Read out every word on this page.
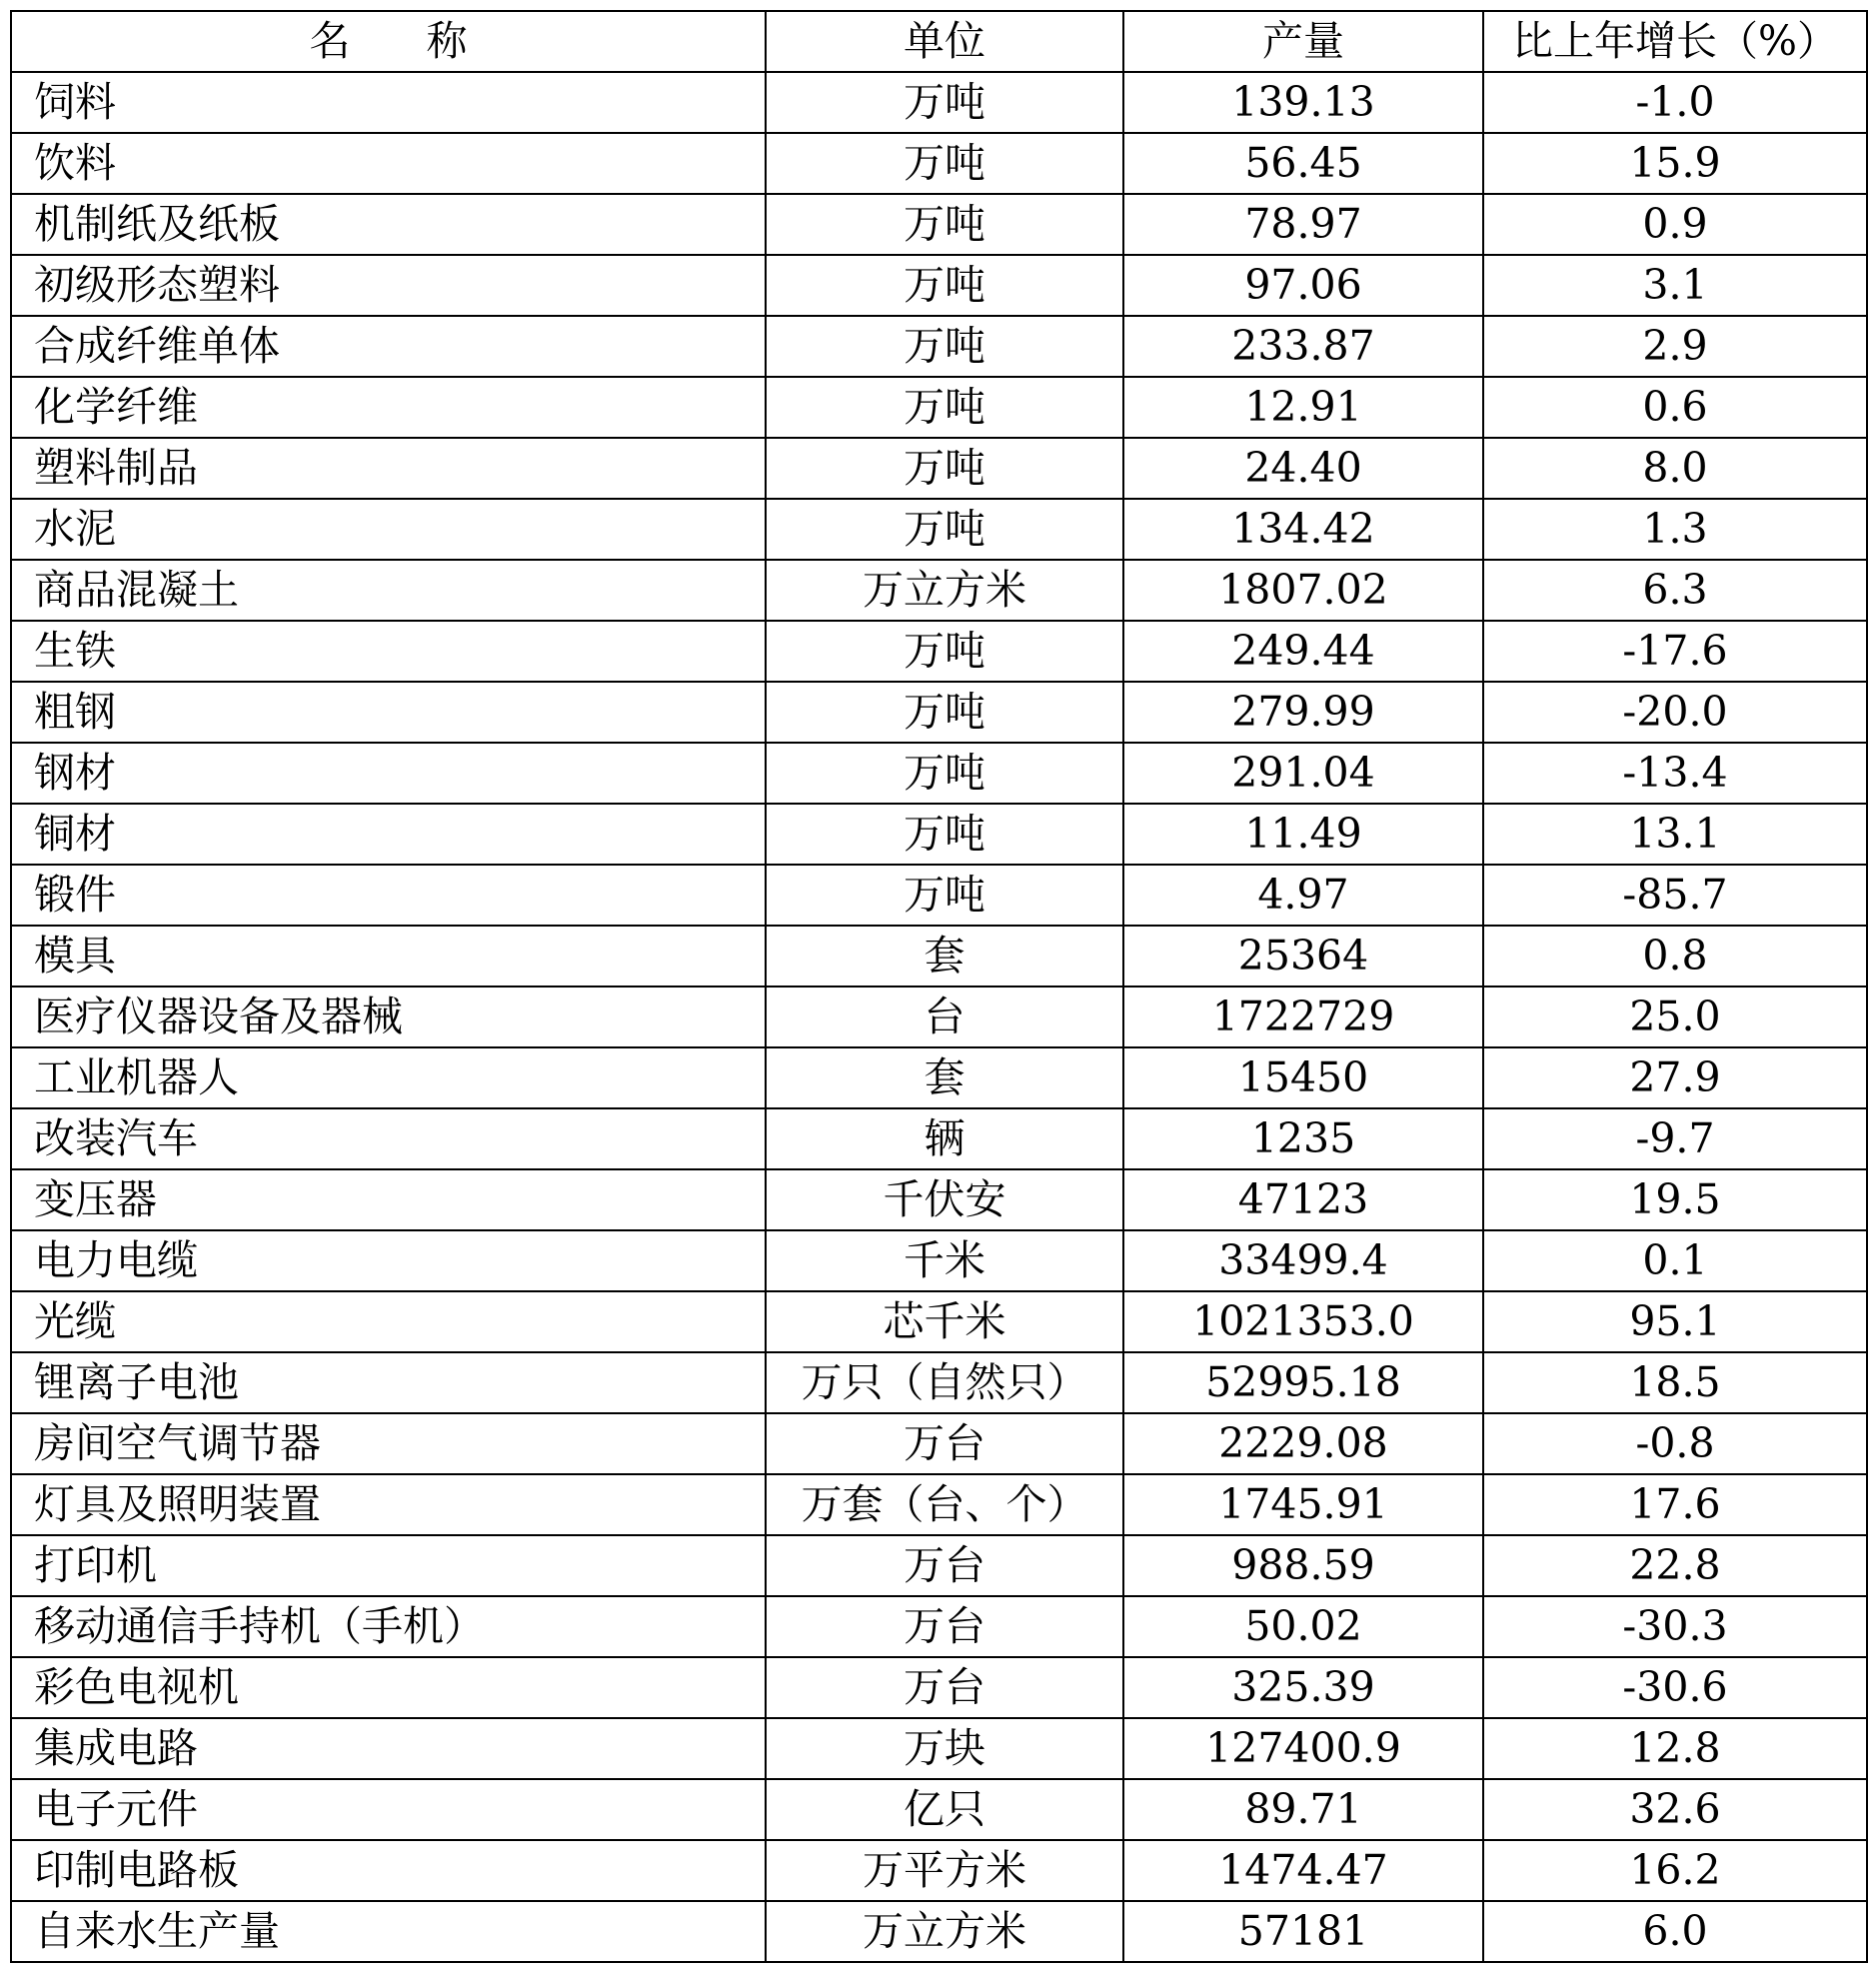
名 称	单位	产量	比上年增长（%）
饲料	万吨	139.13	-1.0
饮料	万吨	56.45	15.9
机制纸及纸板	万吨	78.97	0.9
初级形态塑料	万吨	97.06	3.1
合成纤维单体	万吨	233.87	2.9
化学纤维	万吨	12.91	0.6
塑料制品	万吨	24.40	8.0
水泥	万吨	134.42	1.3
商品混凝土	万立方米	1807.02	6.3
生铁	万吨	249.44	-17.6
粗钢	万吨	279.99	-20.0
钢材	万吨	291.04	-13.4
铜材	万吨	11.49	13.1
锻件	万吨	4.97	-85.7
模具	套	25364	0.8
医疗仪器设备及器械	台	1722729	25.0
工业机器人	套	15450	27.9
改装汽车	辆	1235	-9.7
变压器	千伏安	47123	19.5
电力电缆	千米	33499.4	0.1
光缆	芯千米	1021353.0	95.1
锂离子电池	万只（自然只）	52995.18	18.5
房间空气调节器	万台	2229.08	-0.8
灯具及照明装置	万套（台、个）	1745.91	17.6
打印机	万台	988.59	22.8
移动通信手持机（手机）	万台	50.02	-30.3
彩色电视机	万台	325.39	-30.6
集成电路	万块	127400.9	12.8
电子元件	亿只	89.71	32.6
印制电路板	万平方米	1474.47	16.2
自来水生产量	万立方米	57181	6.0
